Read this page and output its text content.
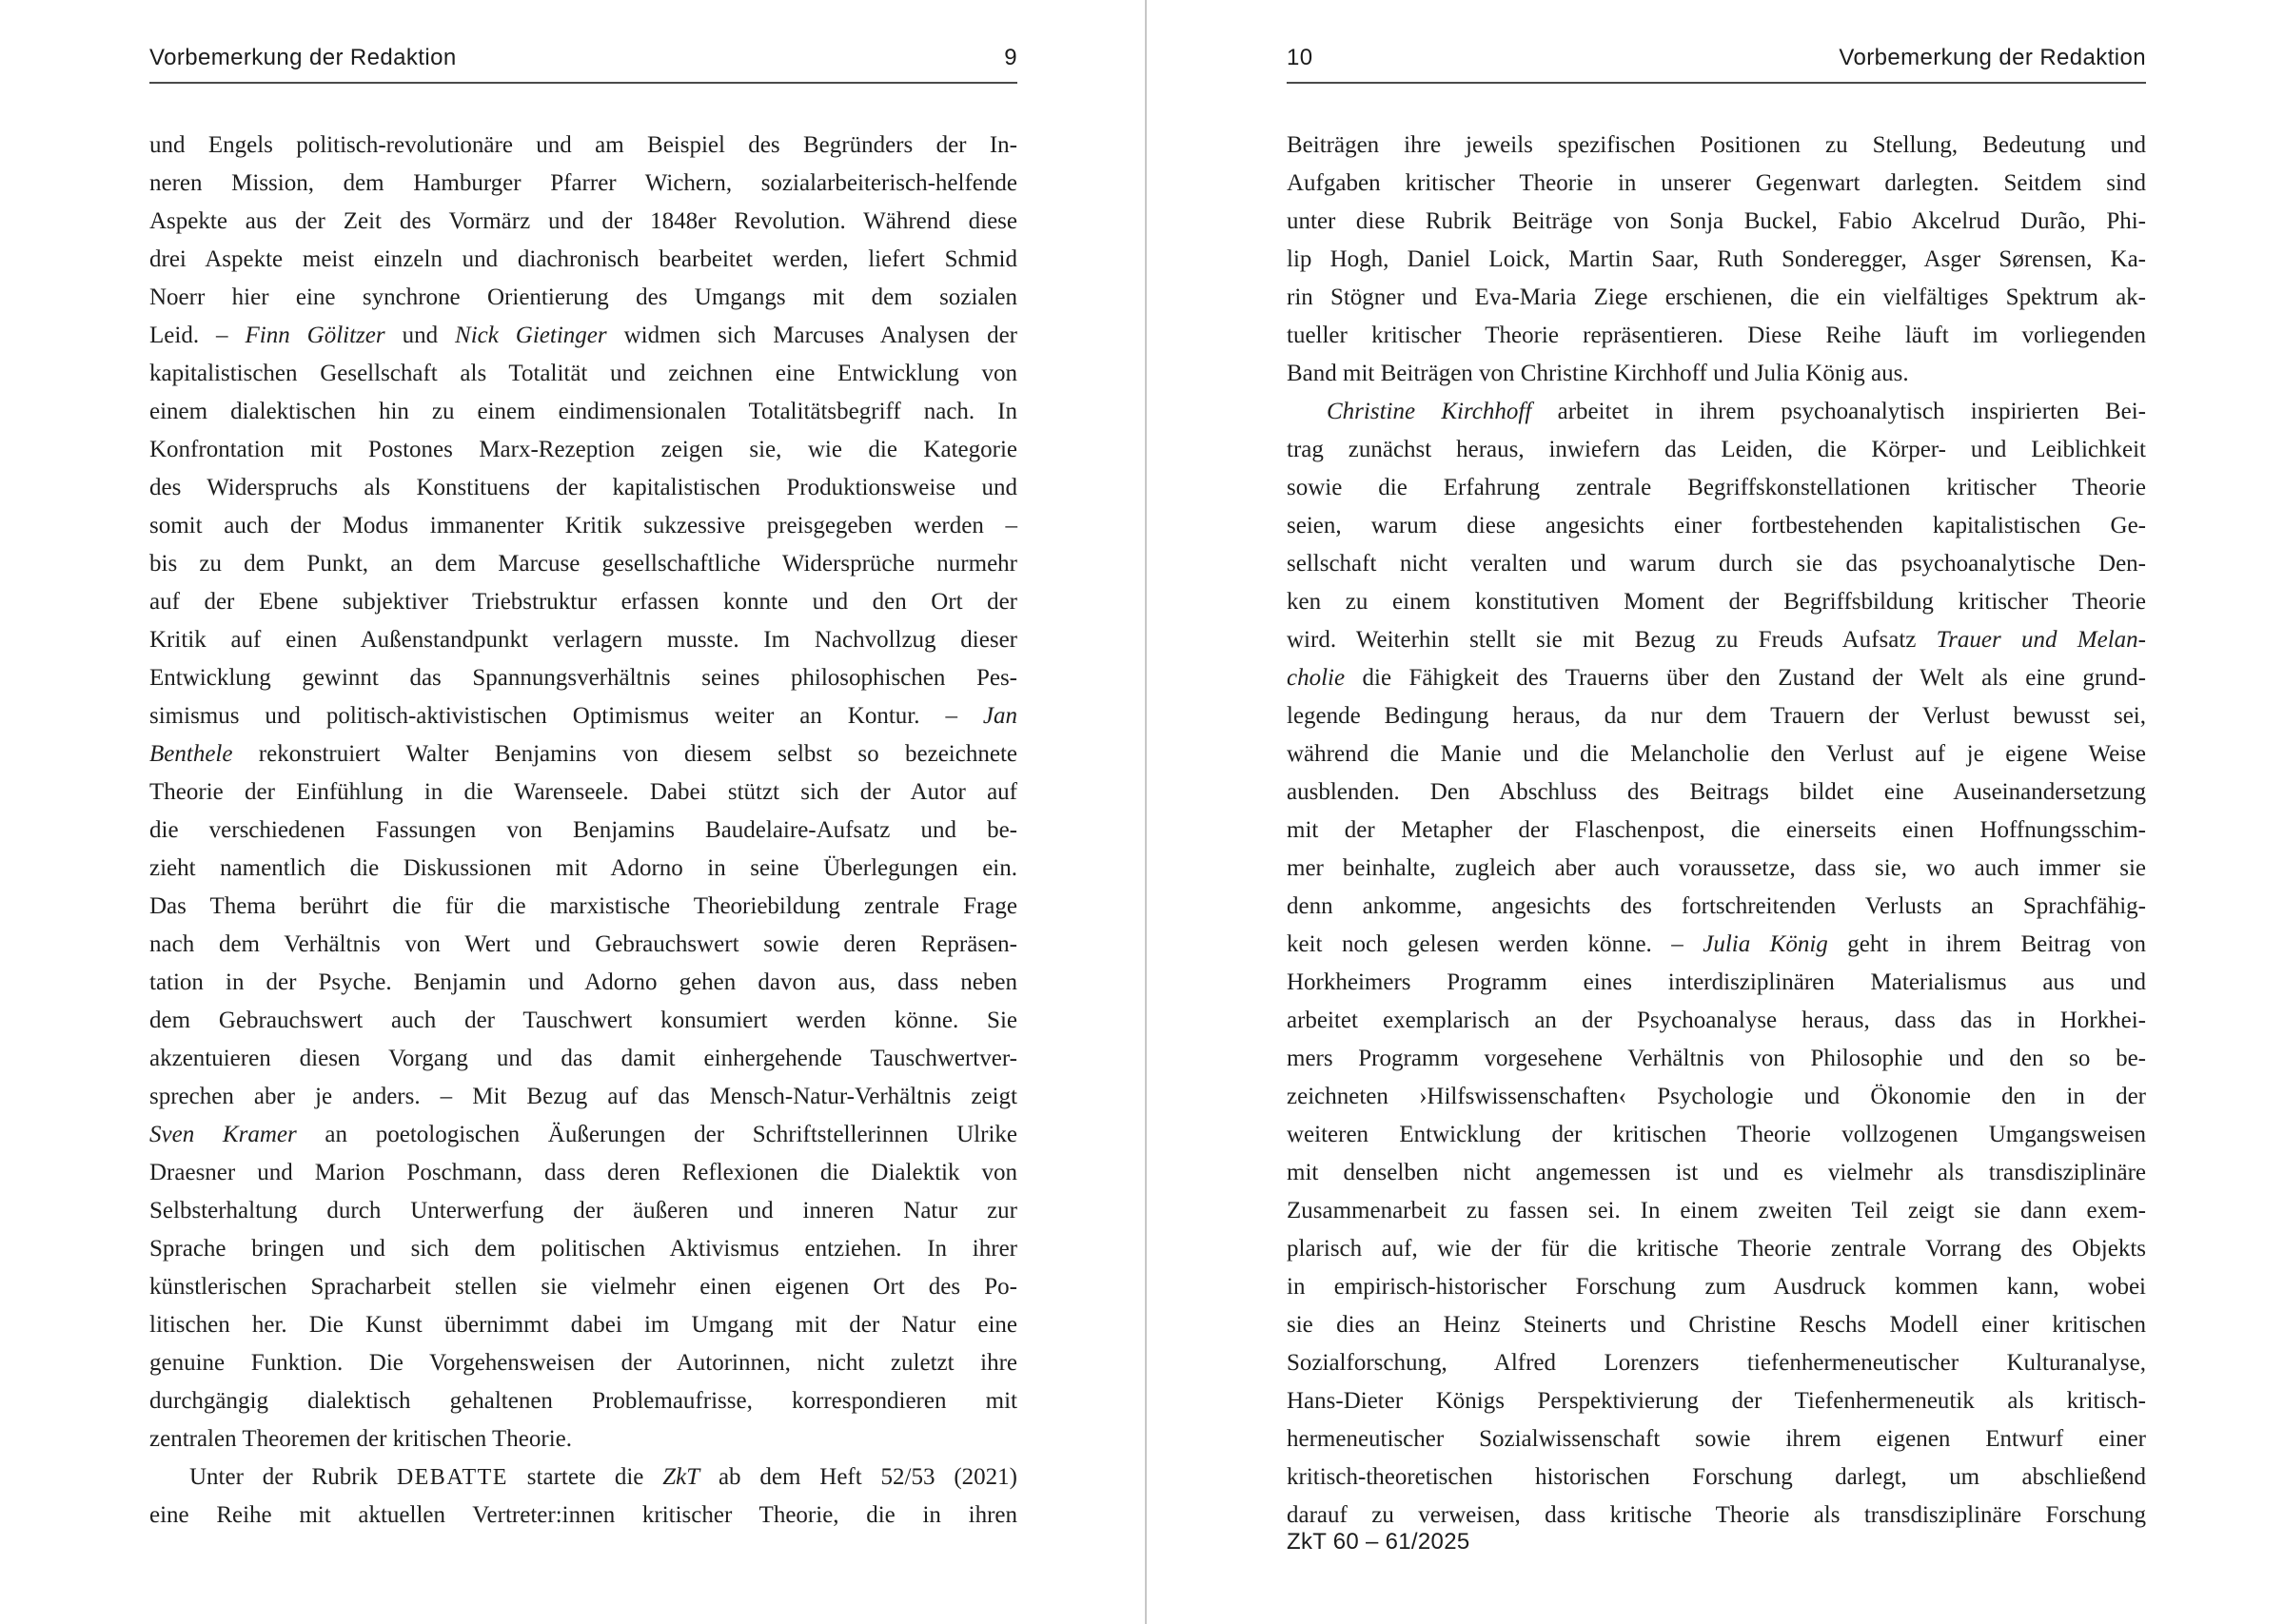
Vorbemerkung der Redaktion	9
und Engels politisch-revolutionäre und am Beispiel des Begründers der In-
neren Mission, dem Hamburger Pfarrer Wichern, sozialarbeiterisch-helfende
Aspekte aus der Zeit des Vormärz und der 1848er Revolution. Während diese
drei Aspekte meist einzeln und diachronisch bearbeitet werden, liefert Schmid
Noerr hier eine synchrone Orientierung des Umgangs mit dem sozialen
Leid. – Finn Gölitzer und Nick Gietinger widmen sich Marcuses Analysen der
kapitalistischen Gesellschaft als Totalität und zeichnen eine Entwicklung von
einem dialektischen hin zu einem eindimensionalen Totalitätsbegriff nach. In
Konfrontation mit Postones Marx-Rezeption zeigen sie, wie die Kategorie
des Widerspruchs als Konstituens der kapitalistischen Produktionsweise und
somit auch der Modus immanenter Kritik sukzessive preisgegeben werden –
bis zu dem Punkt, an dem Marcuse gesellschaftliche Widersprüche nurmehr
auf der Ebene subjektiver Triebstruktur erfassen konnte und den Ort der
Kritik auf einen Außenstandpunkt verlagern musste. Im Nachvollzug dieser
Entwicklung gewinnt das Spannungsverhältnis seines philosophischen Pes-
simismus und politisch-aktivistischen Optimismus weiter an Kontur. – Jan
Benthele rekonstruiert Walter Benjamins von diesem selbst so bezeichnete
Theorie der Einfühlung in die Warenseele. Dabei stützt sich der Autor auf
die verschiedenen Fassungen von Benjamins Baudelaire-Aufsatz und be-
zieht namentlich die Diskussionen mit Adorno in seine Überlegungen ein.
Das Thema berührt die für die marxistische Theoriebildung zentrale Frage
nach dem Verhältnis von Wert und Gebrauchswert sowie deren Repräsen-
tation in der Psyche. Benjamin und Adorno gehen davon aus, dass neben
dem Gebrauchswert auch der Tauschwert konsumiert werden könne. Sie
akzentuieren diesen Vorgang und das damit einhergehende Tauschwertver-
sprechen aber je anders. – Mit Bezug auf das Mensch-Natur-Verhältnis zeigt
Sven Kramer an poetologischen Äußerungen der Schriftstellerinnen Ulrike
Draesner und Marion Poschmann, dass deren Reflexionen die Dialektik von
Selbsterhaltung durch Unterwerfung der äußeren und inneren Natur zur
Sprache bringen und sich dem politischen Aktivismus entziehen. In ihrer
künstlerischen Spracharbeit stellen sie vielmehr einen eigenen Ort des Po-
litischen her. Die Kunst übernimmt dabei im Umgang mit der Natur eine
genuine Funktion. Die Vorgehensweisen der Autorinnen, nicht zuletzt ihre
durchgängig dialektisch gehaltenen Problemaufrisse, korrespondieren mit
zentralen Theoremen der kritischen Theorie.
Unter der Rubrik DEBATTE startete die ZkT ab dem Heft 52/53 (2021)
eine Reihe mit aktuellen Vertreter:innen kritischer Theorie, die in ihren
10	Vorbemerkung der Redaktion
Beiträgen ihre jeweils spezifischen Positionen zu Stellung, Bedeutung und
Aufgaben kritischer Theorie in unserer Gegenwart darlegten. Seitdem sind
unter diese Rubrik Beiträge von Sonja Buckel, Fabio Akcelrud Durão, Phi-
lip Hogh, Daniel Loick, Martin Saar, Ruth Sonderegger, Asger Sørensen, Ka-
rin Stögner und Eva-Maria Ziege erschienen, die ein vielfältiges Spektrum ak-
tueller kritischer Theorie repräsentieren. Diese Reihe läuft im vorliegenden
Band mit Beiträgen von Christine Kirchhoff und Julia König aus.
Christine Kirchhoff arbeitet in ihrem psychoanalytisch inspirierten Bei-
trag zunächst heraus, inwiefern das Leiden, die Körper- und Leiblichkeit
sowie die Erfahrung zentrale Begriffskonstellationen kritischer Theorie
seien, warum diese angesichts einer fortbestehenden kapitalistischen Ge-
sellschaft nicht veralten und warum durch sie das psychoanalytische Den-
ken zu einem konstitutiven Moment der Begriffsbildung kritischer Theorie
wird. Weiterhin stellt sie mit Bezug zu Freuds Aufsatz Trauer und Melan-
cholie die Fähigkeit des Trauerns über den Zustand der Welt als eine grund-
legende Bedingung heraus, da nur dem Trauern der Verlust bewusst sei,
während die Manie und die Melancholie den Verlust auf je eigene Weise
ausblenden. Den Abschluss des Beitrags bildet eine Auseinandersetzung
mit der Metapher der Flaschenpost, die einerseits einen Hoffnungsschim-
mer beinhalte, zugleich aber auch voraussetze, dass sie, wo auch immer sie
denn ankomme, angesichts des fortschreitenden Verlusts an Sprachfähig-
keit noch gelesen werden könne. – Julia König geht in ihrem Beitrag von
Horkheimers Programm eines interdisziplinären Materialismus aus und
arbeitet exemplarisch an der Psychoanalyse heraus, dass das in Horkhei-
mers Programm vorgesehene Verhältnis von Philosophie und den so be-
zeichneten ›Hilfswissenschaften‹ Psychologie und Ökonomie den in der
weiteren Entwicklung der kritischen Theorie vollzogenen Umgangsweisen
mit denselben nicht angemessen ist und es vielmehr als transdisziplinäre
Zusammenarbeit zu fassen sei. In einem zweiten Teil zeigt sie dann exem-
plarisch auf, wie der für die kritische Theorie zentrale Vorrang des Objekts
in empirisch-historischer Forschung zum Ausdruck kommen kann, wobei
sie dies an Heinz Steinerts und Christine Reschs Modell einer kritischen
Sozialforschung, Alfred Lorenzers tiefenhermeneutischer Kulturanalyse,
Hans-Dieter Königs Perspektivierung der Tiefenhermeneutik als kritisch-
hermeneutischer Sozialwissenschaft sowie ihrem eigenen Entwurf einer
kritisch-theoretischen historischen Forschung darlegt, um abschließend
darauf zu verweisen, dass kritische Theorie als transdisziplinäre Forschung
ZkT 60 – 61/2025
